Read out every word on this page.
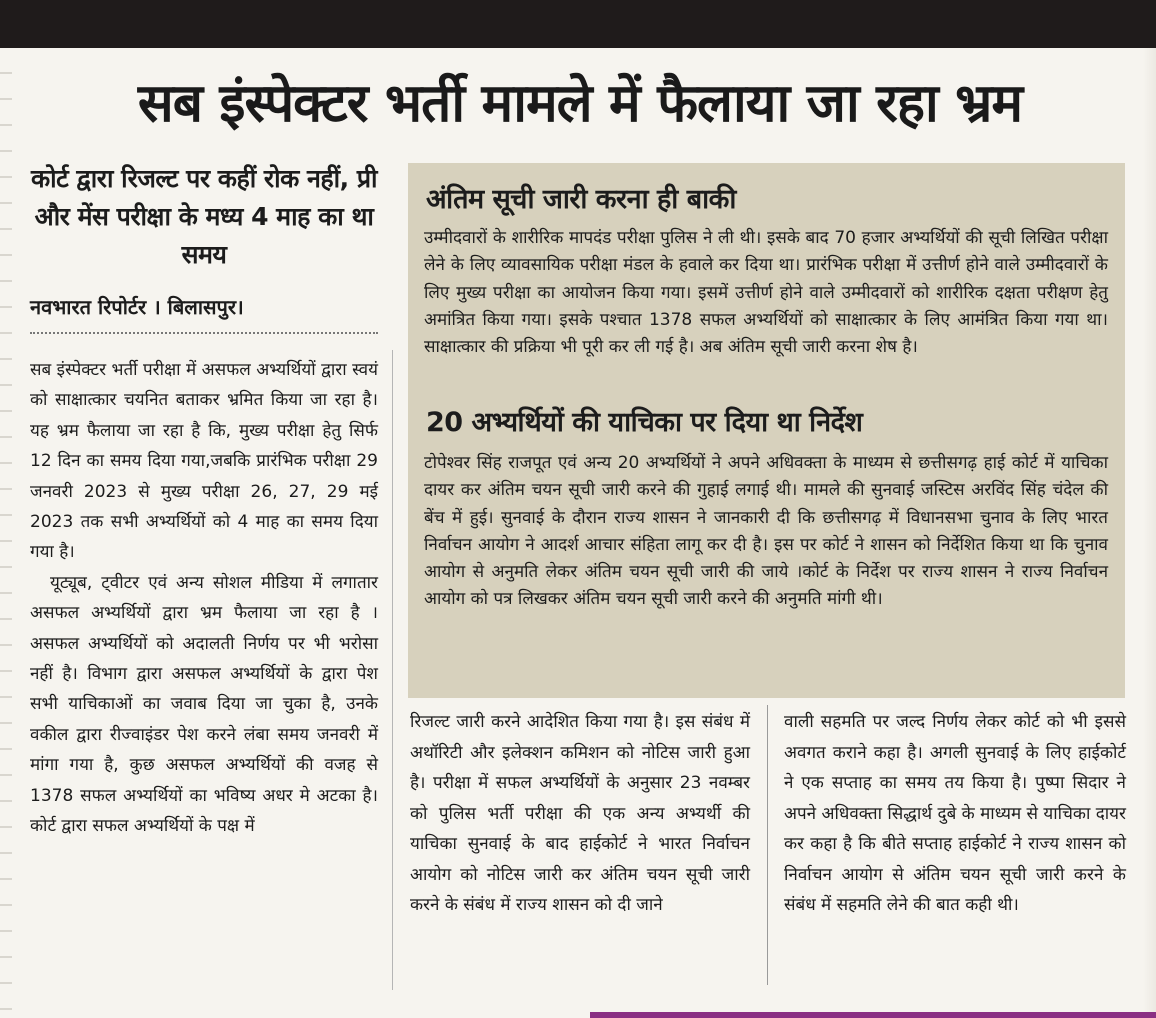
सब इंस्पेक्टर भर्ती मामले में फैलाया जा रहा भ्रम
कोर्ट द्वारा रिजल्ट पर कहीं रोक नहीं, प्री और मेंस परीक्षा के मध्य 4 माह का था समय
नवभारत रिपोर्टर । बिलासपुर।

सब इंस्पेक्टर भर्ती परीक्षा में असफल अभ्यर्थियों द्वारा स्वयं को साक्षात्कार चयनित बताकर भ्रमित किया जा रहा है। यह भ्रम फैलाया जा रहा है कि, मुख्य परीक्षा हेतु सिर्फ 12 दिन का समय दिया गया,जबकि प्रारंभिक परीक्षा 29 जनवरी 2023 से मुख्य परीक्षा 26, 27, 29 मई 2023 तक सभी अभ्यर्थियों को 4 माह का समय दिया गया है।

यूट्यूब, ट्वीटर एवं अन्य सोशल मीडिया में लगातार असफल अभ्यर्थियों द्वारा भ्रम फैलाया जा रहा है । असफल अभ्यर्थियों को अदालती निर्णय पर भी भरोसा नहीं है। विभाग द्वारा असफल अभ्यर्थियों के द्वारा पेश सभी याचिकाओं का जवाब दिया जा चुका है, उनके वकील द्वारा रीज्वाइंडर पेश करने लंबा समय जनवरी में मांगा गया है, कुछ असफल अभ्यर्थियों की वजह से 1378 सफल अभ्यर्थियों का भविष्य अधर मे अटका है। कोर्ट द्वारा सफल अभ्यर्थियों के पक्ष में

अंतिम सूची जारी करना ही बाकी
उम्मीदवारों के शारीरिक मापदंड परीक्षा पुलिस ने ली थी। इसके बाद 70 हजार अभ्यर्थियों की सूची लिखित परीक्षा लेने के लिए व्यावसायिक परीक्षा मंडल के हवाले कर दिया था। प्रारंभिक परीक्षा में उत्तीर्ण होने वाले उम्मीदवारों के लिए मुख्य परीक्षा का आयोजन किया गया। इसमें उत्तीर्ण होने वाले उम्मीदवारों को शारीरिक दक्षता परीक्षण हेतु अमांत्रित किया गया। इसके पश्चात 1378 सफल अभ्यर्थियों को साक्षात्कार के लिए आमंत्रित किया गया था। साक्षात्कार की प्रक्रिया भी पूरी कर ली गई है। अब अंतिम सूची जारी करना शेष है।
20 अभ्यर्थियों की याचिका पर दिया था निर्देश
टोपेश्वर सिंह राजपूत एवं अन्य 20 अभ्यर्थियों ने अपने अधिवक्ता के माध्यम से छत्तीसगढ़ हाई कोर्ट में याचिका दायर कर अंतिम चयन सूची जारी करने की गुहाई लगाई थी। मामले की सुनवाई जस्टिस अरविंद सिंह चंदेल की बेंच में हुई। सुनवाई के दौरान राज्य शासन ने जानकारी दी कि छत्तीसगढ़ में विधानसभा चुनाव के लिए भारत निर्वाचन आयोग ने आदर्श आचार संहिता लागू कर दी है। इस पर कोर्ट ने शासन को निर्देशित किया था कि चुनाव आयोग से अनुमति लेकर अंतिम चयन सूची जारी की जाये ।कोर्ट के निर्देश पर राज्य शासन ने राज्य निर्वाचन आयोग को पत्र लिखकर अंतिम चयन सूची जारी करने की अनुमति मांगी थी।
रिजल्ट जारी करने आदेशित किया गया है। इस संबंध में अथॉरिटी और इलेक्शन कमिशन को नोटिस जारी हुआ है। परीक्षा में सफल अभ्यर्थियों के अनुसार 23 नवम्बर को पुलिस भर्ती परीक्षा की एक अन्य अभ्यर्थी की याचिका सुनवाई के बाद हाईकोर्ट ने भारत निर्वाचन आयोग को नोटिस जारी कर अंतिम चयन सूची जारी करने के संबंध में राज्य शासन को दी जाने
वाली सहमति पर जल्द निर्णय लेकर कोर्ट को भी इससे अवगत कराने कहा है। अगली सुनवाई के लिए हाईकोर्ट ने एक सप्ताह का समय तय किया है। पुष्पा सिदार ने अपने अधिवक्ता सिद्धार्थ दुबे के माध्यम से याचिका दायर कर कहा है कि बीते सप्ताह हाईकोर्ट ने राज्य शासन को निर्वाचन आयोग से अंतिम चयन सूची जारी करने के संबंध में सहमति लेने की बात कही थी।
